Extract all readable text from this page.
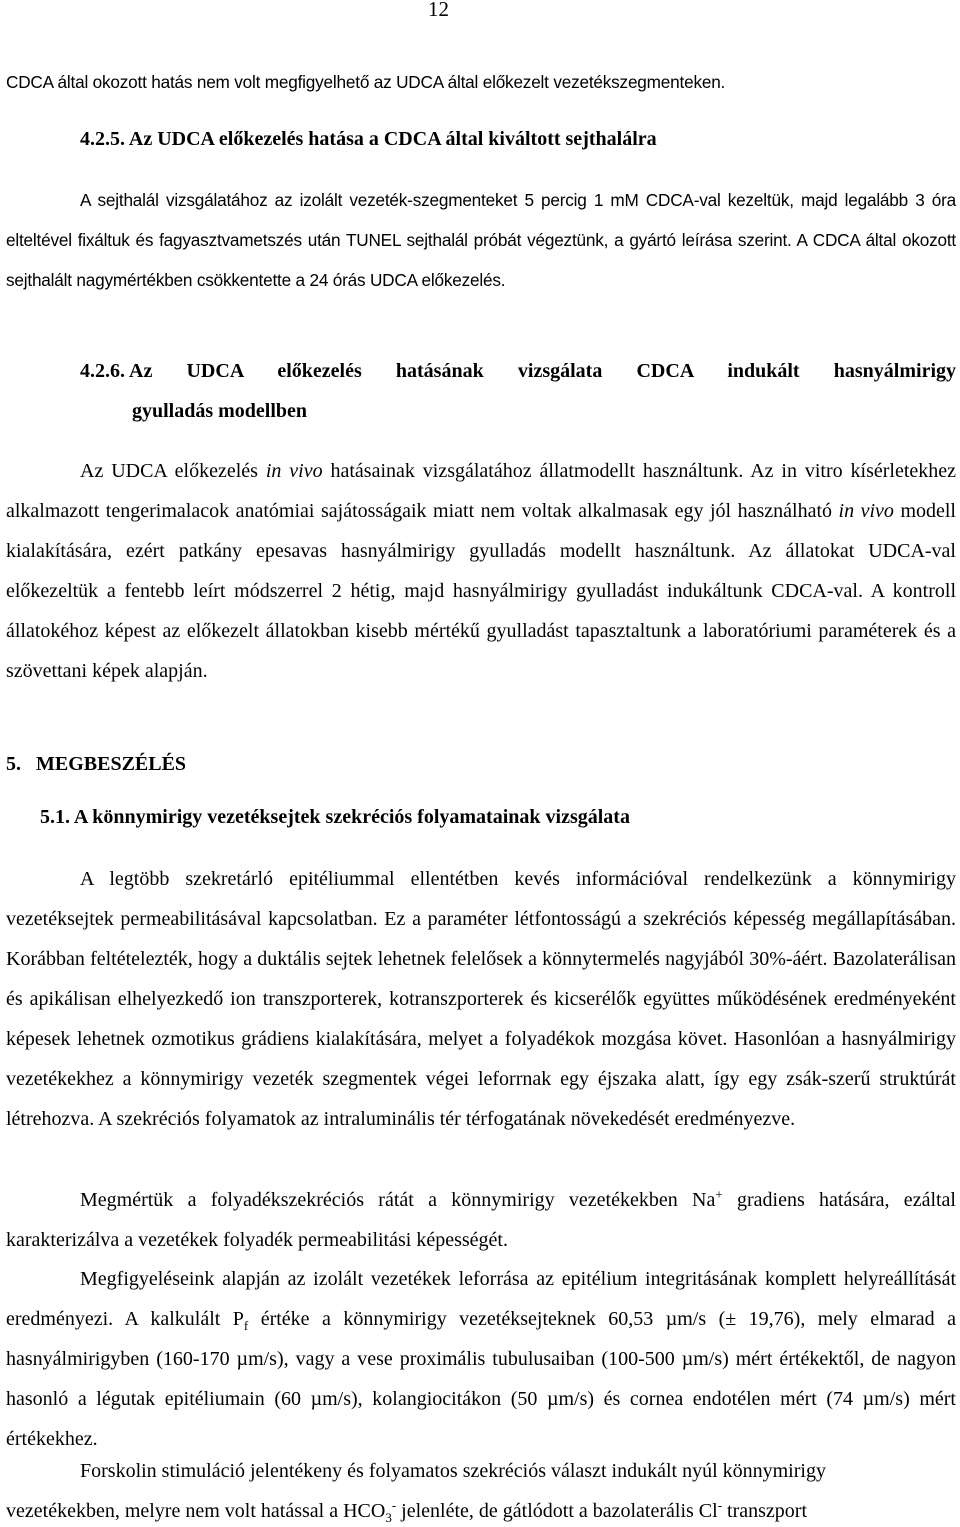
12

CDCA által okozott hatás nem volt megfigyelhető az UDCA által előkezelt vezetékszegmenteken.

4.2.5. Az UDCA előkezelés hatása a CDCA által kiváltott sejthalálra

A sejthalál vizsgálatához az izolált vezeték-szegmenteket 5 percig 1 mM CDCA-val kezeltük, majd legalább 3 óra elteltével fixáltuk és fagyasztvametszés után TUNEL sejthalál próbát végeztünk, a gyártó leírása szerint. A CDCA által okozott sejthalált nagymértékben csökkentette a 24 órás UDCA előkezelés.

4.2.6. Az UDCA előkezelés hatásának vizsgálata CDCA indukált hasnyálmirigy
gyulladás modellben

Az UDCA előkezelés in vivo hatásainak vizsgálatához állatmodellt használtunk. Az in vitro kísérletekhez alkalmazott tengerimalacok anatómiai sajátosságaik miatt nem voltak alkalmasak egy jól használható in vivo modell kialakítására, ezért patkány epesavas hasnyálmirigy gyulladás modellt használtunk. Az állatokat UDCA-val előkezeltük a fentebb leírt módszerrel 2 hétig, majd hasnyálmirigy gyulladást indukáltunk CDCA-val. A kontroll állatokéhoz képest az előkezelt állatokban kisebb mértékű gyulladást tapasztaltunk a laboratóriumi paraméterek és a szövettani képek alapján.

5. MEGBESZÉLÉS
5.1. A könnymirigy vezetéksejtek szekréciós folyamatainak vizsgálata

A legtöbb szekretárló epitéliummal ellentétben kevés információval rendelkezünk a könnymirigy vezetéksejtek permeabilitásával kapcsolatban. Ez a paraméter létfontosságú a szekréciós képesség megállapításában. Korábban feltételezték, hogy a duktális sejtek lehetnek felelősek a könnytermelés nagyjából 30%-áért. Bazolaterálisan és apikálisan elhelyezkedő ion transzporterek, kotranszporterek és kicserélők együttes működésének eredményeként képesek lehetnek ozmotikus grádiens kialakítására, melyet a folyadékok mozgása követ. Hasonlóan a hasnyálmirigy vezetékekhez a könnymirigy vezeték szegmentek végei leforrnak egy éjszaka alatt, így egy zsák-szerű struktúrát létrehozva. A szekréciós folyamatok az intraluminális tér térfogatának növekedését eredményezve.

Megmértük a folyadékszekréciós rátát a könnymirigy vezetékekben Na+ gradiens hatására, ezáltal karakterizálva a vezetékek folyadék permeabilitási képességét.

Megfigyeléseink alapján az izolált vezetékek leforrása az epitélium integritásának komplett helyreállítását eredményezi. A kalkulált $P_f$ értéke a könnymirigy vezetéksejteknek 60,53 µm/s (± 19,76), mely elmarad a hasnyálmirigyben (160-170 µm/s), vagy a vese proximális tubulusaiban (100-500 µm/s) mért értékektől, de nagyon hasonló a légutak epitéliumain (60 µm/s), kolangiocitákon (50 µm/s) és cornea endotélen mért (74 µm/s) mért értékekhez.

Forskolin stimuláció jelentékeny és folyamatos szekréciós választ indukált nyúl könnymirigy

vezetékekben, melyre nem volt hatással a $HCO_3^-$ jelenléte, de gátlódott a bazolaterális Cl- transzport
